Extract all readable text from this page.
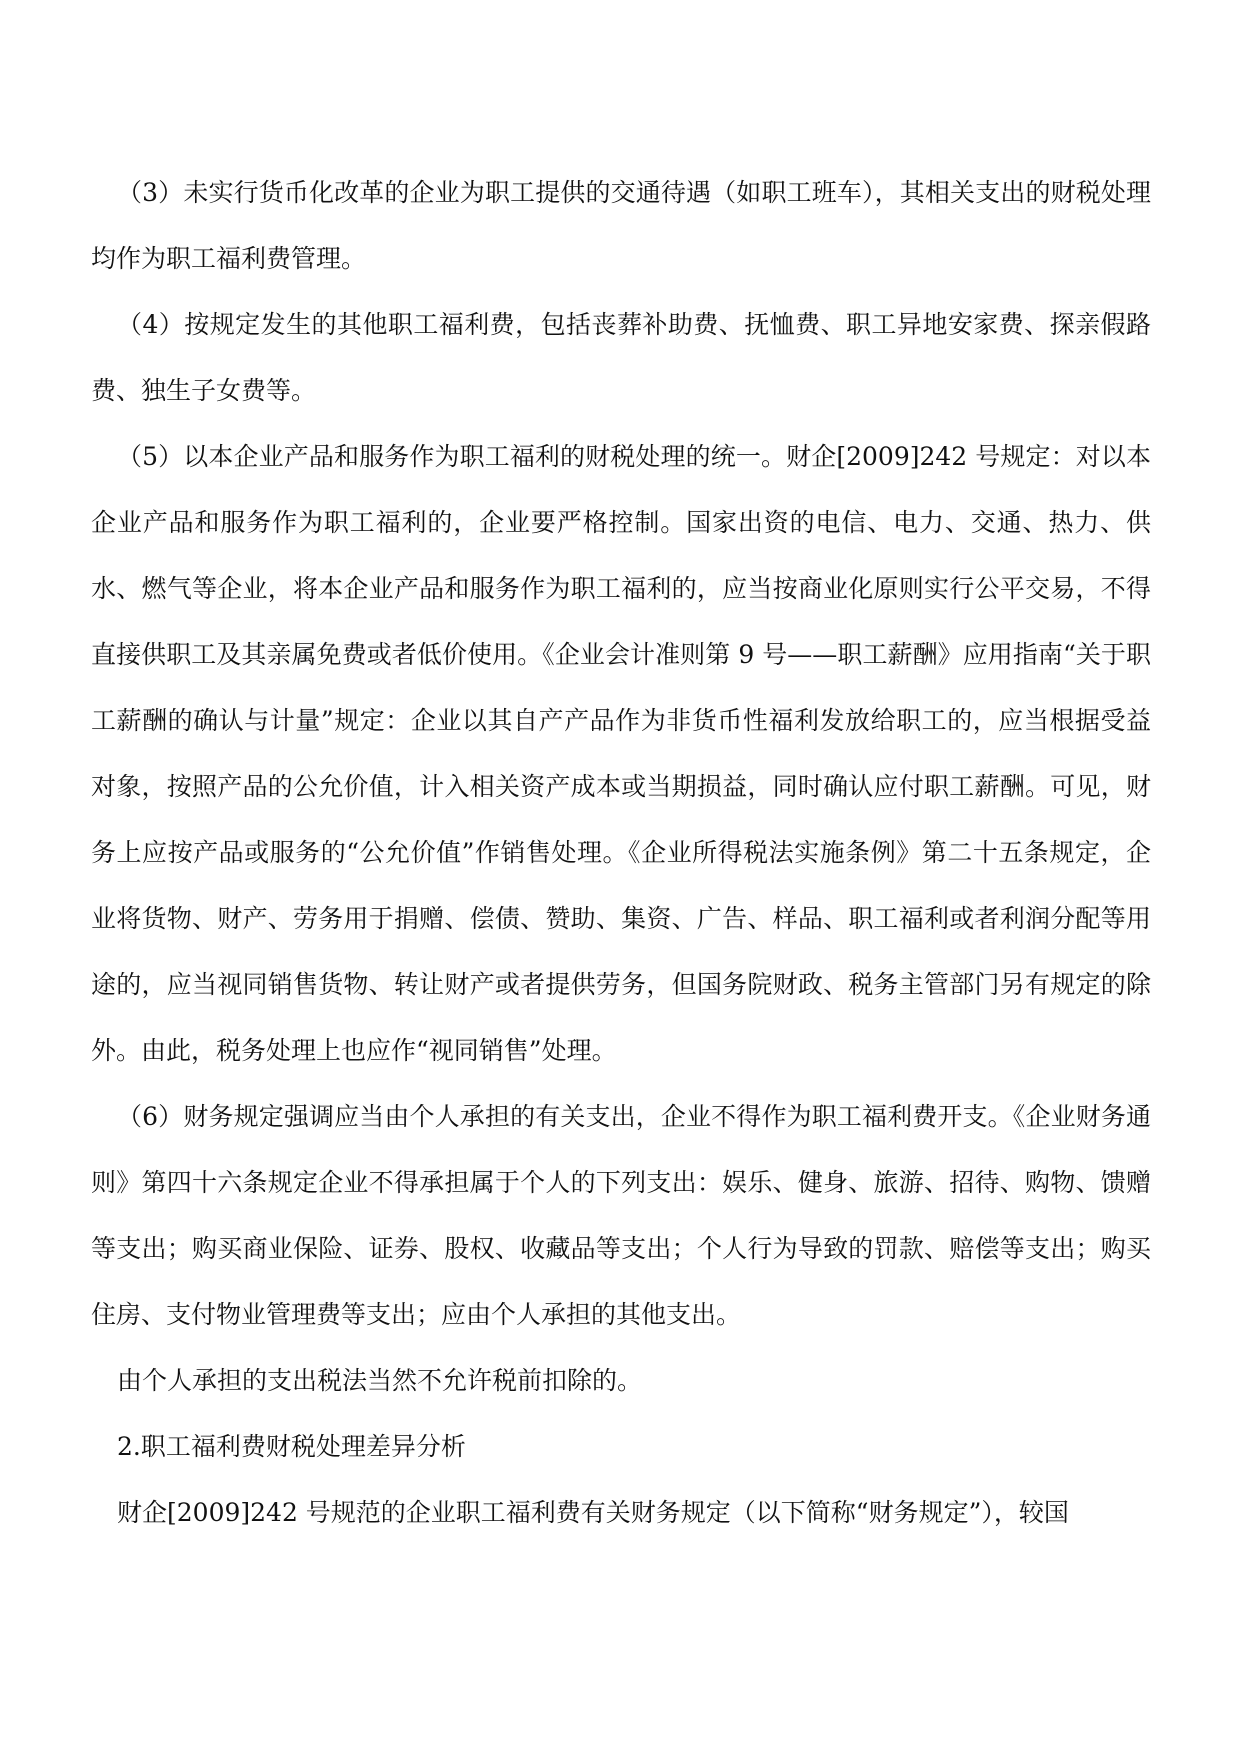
（3）未实行货币化改革的企业为职工提供的交通待遇（如职工班车），其相关支出的财税处理均作为职工福利费管理。

（4）按规定发生的其他职工福利费，包括丧葬补助费、抚恤费、职工异地安家费、探亲假路费、独生子女费等。

（5）以本企业产品和服务作为职工福利的财税处理的统一。财企[2009]242 号规定：对以本企业产品和服务作为职工福利的，企业要严格控制。国家出资的电信、电力、交通、热力、供水、燃气等企业，将本企业产品和服务作为职工福利的，应当按商业化原则实行公平交易，不得直接供职工及其亲属免费或者低价使用。《企业会计准则第 9 号——职工薪酬》应用指南“关于职工薪酬的确认与计量”规定：企业以其自产产品作为非货币性福利发放给职工的，应当根据受益对象，按照产品的公允价值，计入相关资产成本或当期损益，同时确认应付职工薪酬。可见，财务上应按产品或服务的“公允价值”作销售处理。《企业所得税法实施条例》第二十五条规定，企业将货物、财产、劳务用于捐赠、偿债、赞助、集资、广告、样品、职工福利或者利润分配等用途的，应当视同销售货物、转让财产或者提供劳务，但国务院财政、税务主管部门另有规定的除外。由此，税务处理上也应作“视同销售”处理。

（6）财务规定强调应当由个人承担的有关支出，企业不得作为职工福利费开支。《企业财务通则》第四十六条规定企业不得承担属于个人的下列支出：娱乐、健身、旅游、招待、购物、馈赠等支出；购买商业保险、证券、股权、收藏品等支出；个人行为导致的罚款、赔偿等支出；购买住房、支付物业管理费等支出；应由个人承担的其他支出。

由个人承担的支出税法当然不允许税前扣除的。

2.职工福利费财税处理差异分析

财企[2009]242 号规范的企业职工福利费有关财务规定（以下简称“财务规定”），较国
